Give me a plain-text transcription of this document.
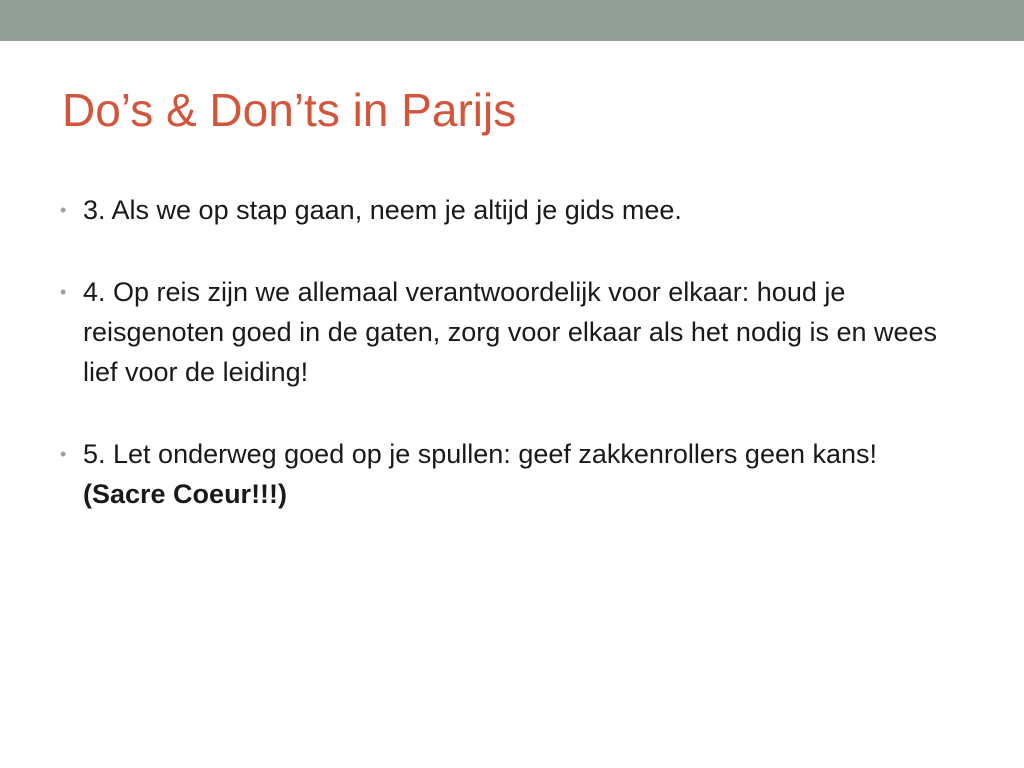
Do’s & Don’ts in Parijs
• 3. Als we op stap gaan, neem je altijd je gids mee.
• 4. Op reis zijn we allemaal verantwoordelijk voor elkaar: houd je reisgenoten goed in de gaten, zorg voor elkaar als het nodig is en wees lief voor de leiding!
• 5. Let onderweg goed op je spullen: geef zakkenrollers geen kans! (Sacre Coeur!!!)
